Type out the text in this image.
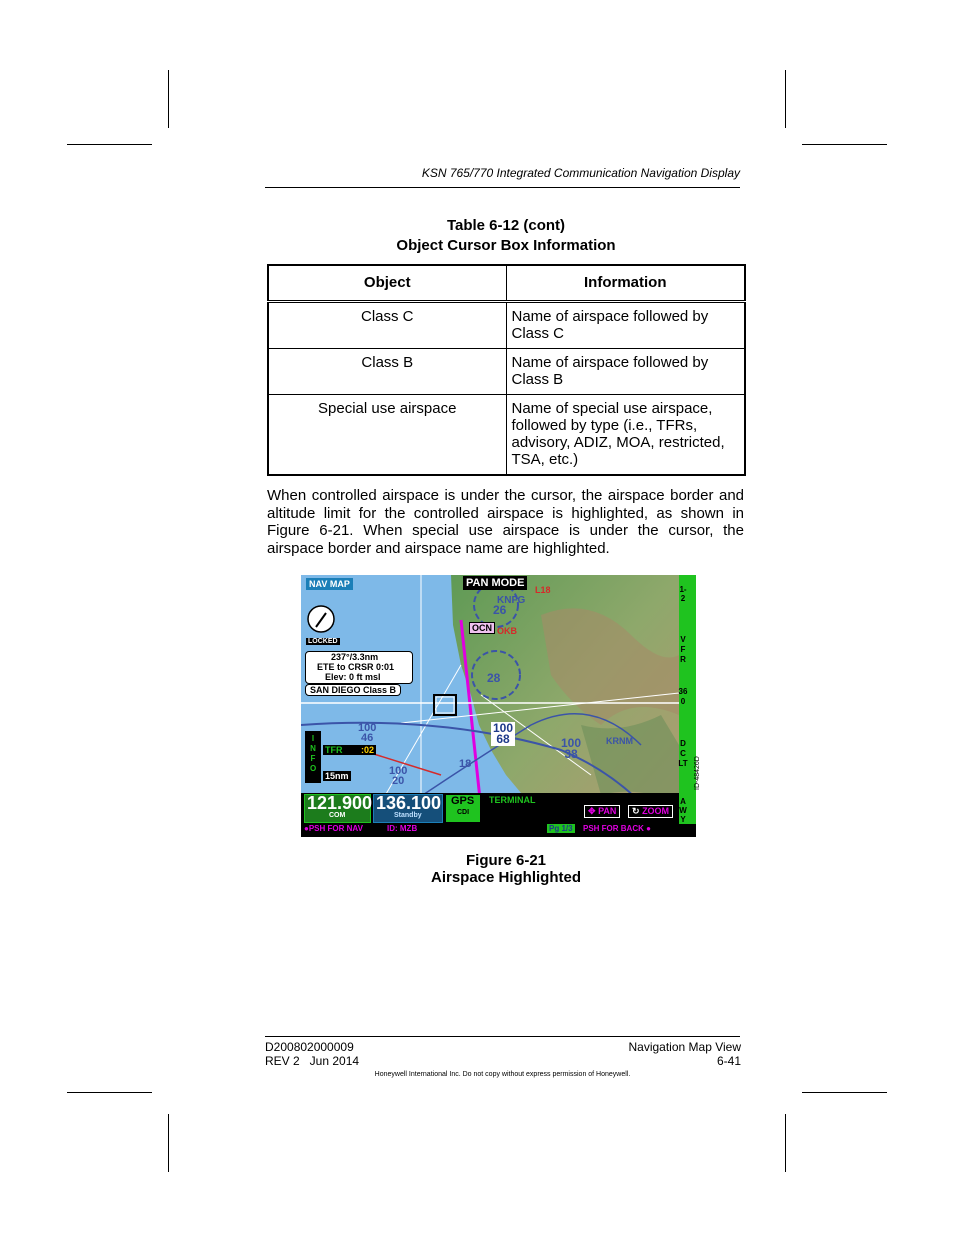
KSN 765/770 Integrated Communication Navigation Display
Table 6-12 (cont)
Object Cursor Box Information
Object	Information
Class C	Name of airspace followed by Class C
Class B	Name of airspace followed by Class B
Special use airspace	Name of special use airspace, followed by type (i.e., TFRs, advisory, ADIZ, MOA, restricted, TSA, etc.)
When controlled airspace is under the cursor, the airspace border and altitude limit for the controlled airspace is highlighted, as shown in Figure 6-21. When special use airspace is under the cursor, the airspace border and airspace name are highlighted.
NAV MAP	PAN MODE
LOCKED
237°/3.3nm
ETE to CRSR 0:01
Elev: 0 ft msl
SAN DIEGO Class B
KNFG
L18
OCN OKB
26
28
100
46
100
68
100
20
100
38
KRNM
18
INFO
TFR :02
15nm
1-2
VFR
360
DCLT
AWY
121.900
COM
136.100
Standby
GPS
CDI
TERMINAL
✥ PAN	↻ ZOOM
●PSH FOR NAV	ID: MZB	Pg 1/3 PSH FOR BACK ●
ID-48426D
Figure 6-21
Airspace Highlighted
D200802000009
REV 2   Jun 2014
Navigation Map View
6-41
Honeywell International Inc. Do not copy without express permission of Honeywell.
